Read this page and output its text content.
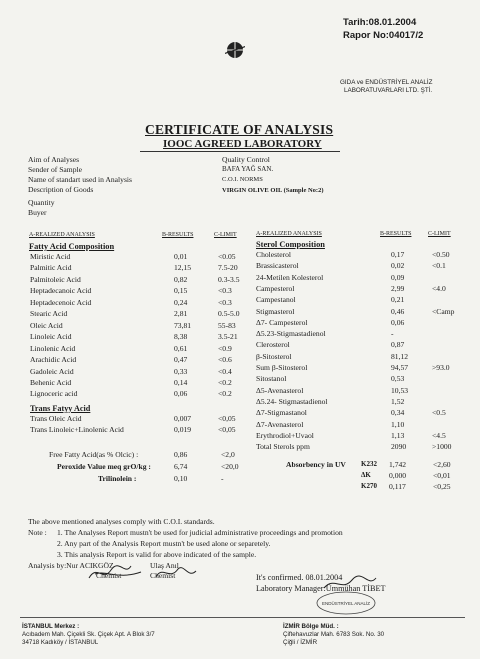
Tarih:08.01.2004
Rapor No:04017/2
GIDA ve ENDÜSTRİYEL ANALİZ
LABORATUVARLARI LTD. ŞTİ.
CERTIFICATE OF ANALYSIS
IOOC AGREED LABORATORY
Aim of Analyses	Quality Control
Sender of Sample	BAFA YAĞ SAN.
Name of standart used in Analysis	C.O.I. NORMS
Description of Goods	VIRGIN OLIVE OIL (Sample No:2)
Quantity
Buyer
A-REALIZED ANALYSIS	B-RESULTS	C-LIMIT
Fatty Acid Composition
Miristic Acid	0,01	<0.05
Palmitic Acid	12,15	7.5-20
Palmitoleic Acid	0,82	0.3-3.5
Heptadecanoic Acid	0,15	<0.3
Heptadecenoic Acid	0,24	<0.3
Stearic Acid	2,81	0.5-5.0
Oleic Acid	73,81	55-83
Linoleic Acid	8,38	3.5-21
Linolenic Acid	0,61	<0.9
Arachidic Acid	0,47	<0.6
Gadoleic Acid	0,33	<0.4
Behenic Acid	0,14	<0.2
Lignoceric acid	0,06	<0.2
Trans Fatyy Acid
Trans Oleic Acid	0,007	<0,05
Trans Linoleic+Linolenic Acid	0,019	<0,05
Free Fatty Acid(as % Olcic) :	0,86	<2,0
Peroxide Value meq grO/kg :	6,74	<20,0
Trilinolein :	0,10	-
A-REALIZED ANALYSIS	B-RESULTS	C-LIMIT
Sterol Composition
Cholesterol	0,17	<0.50
Brassicasterol	0,02	<0.1
24-Metilen Kolesterol	0,09
Campesterol	2,99	<4.0
Campestanol	0,21
Stigmasterol	0,46	<Camp
Δ7- Campesterol	0,06
Δ5.23-Stigmastadienol	-
Clerosterol	0,87
β-Sitosterol	81,12
Sum β-Sitosterol	94,57	>93.0
Sitostanol	0,53
Δ5-Avenasterol	10,53
Δ5.24- Stigmastadienol	1,52
Δ7-Stigmastanol	0,34	<0.5
Δ7-Avenasterol	1,10
Erythrodiol+Uvaol	1,13	<4.5
Total Sterols ppm	2090	>1000
Absorbency in UV K232 1,742	<2,60
ΔK 0,000	<0,01
K270 0,117	<0,25
The above mentioned analyses comply with C.O.I. standards.
Note : 1. The Analyses Report mustn't be used for judicial administrative proceedings and promotion
2. Any part of the Analysis Report mustn't be used alone or separetely.
3. This analysis Report is valid for above indicated of the sample.
Analysis by:Nur ACIKGÖZ	Ulaş Anıl
Chemist	Chemist	It's confirmed. 08.01.2004
Laboratory Manager:Ümmühan TİBET
ENDÜSTRİYEL ANALİZ
İSTANBUL Merkez :
Acıbadem Mah. Çiçekli Sk. Çiçek Apt. A Blok 3/7
34718 Kadıköy / İSTANBUL
İZMİR Bölge Müd. :
Çiftehavuzlar Mah. 6783 Sok. No. 30
Çiğli / İZMİR
